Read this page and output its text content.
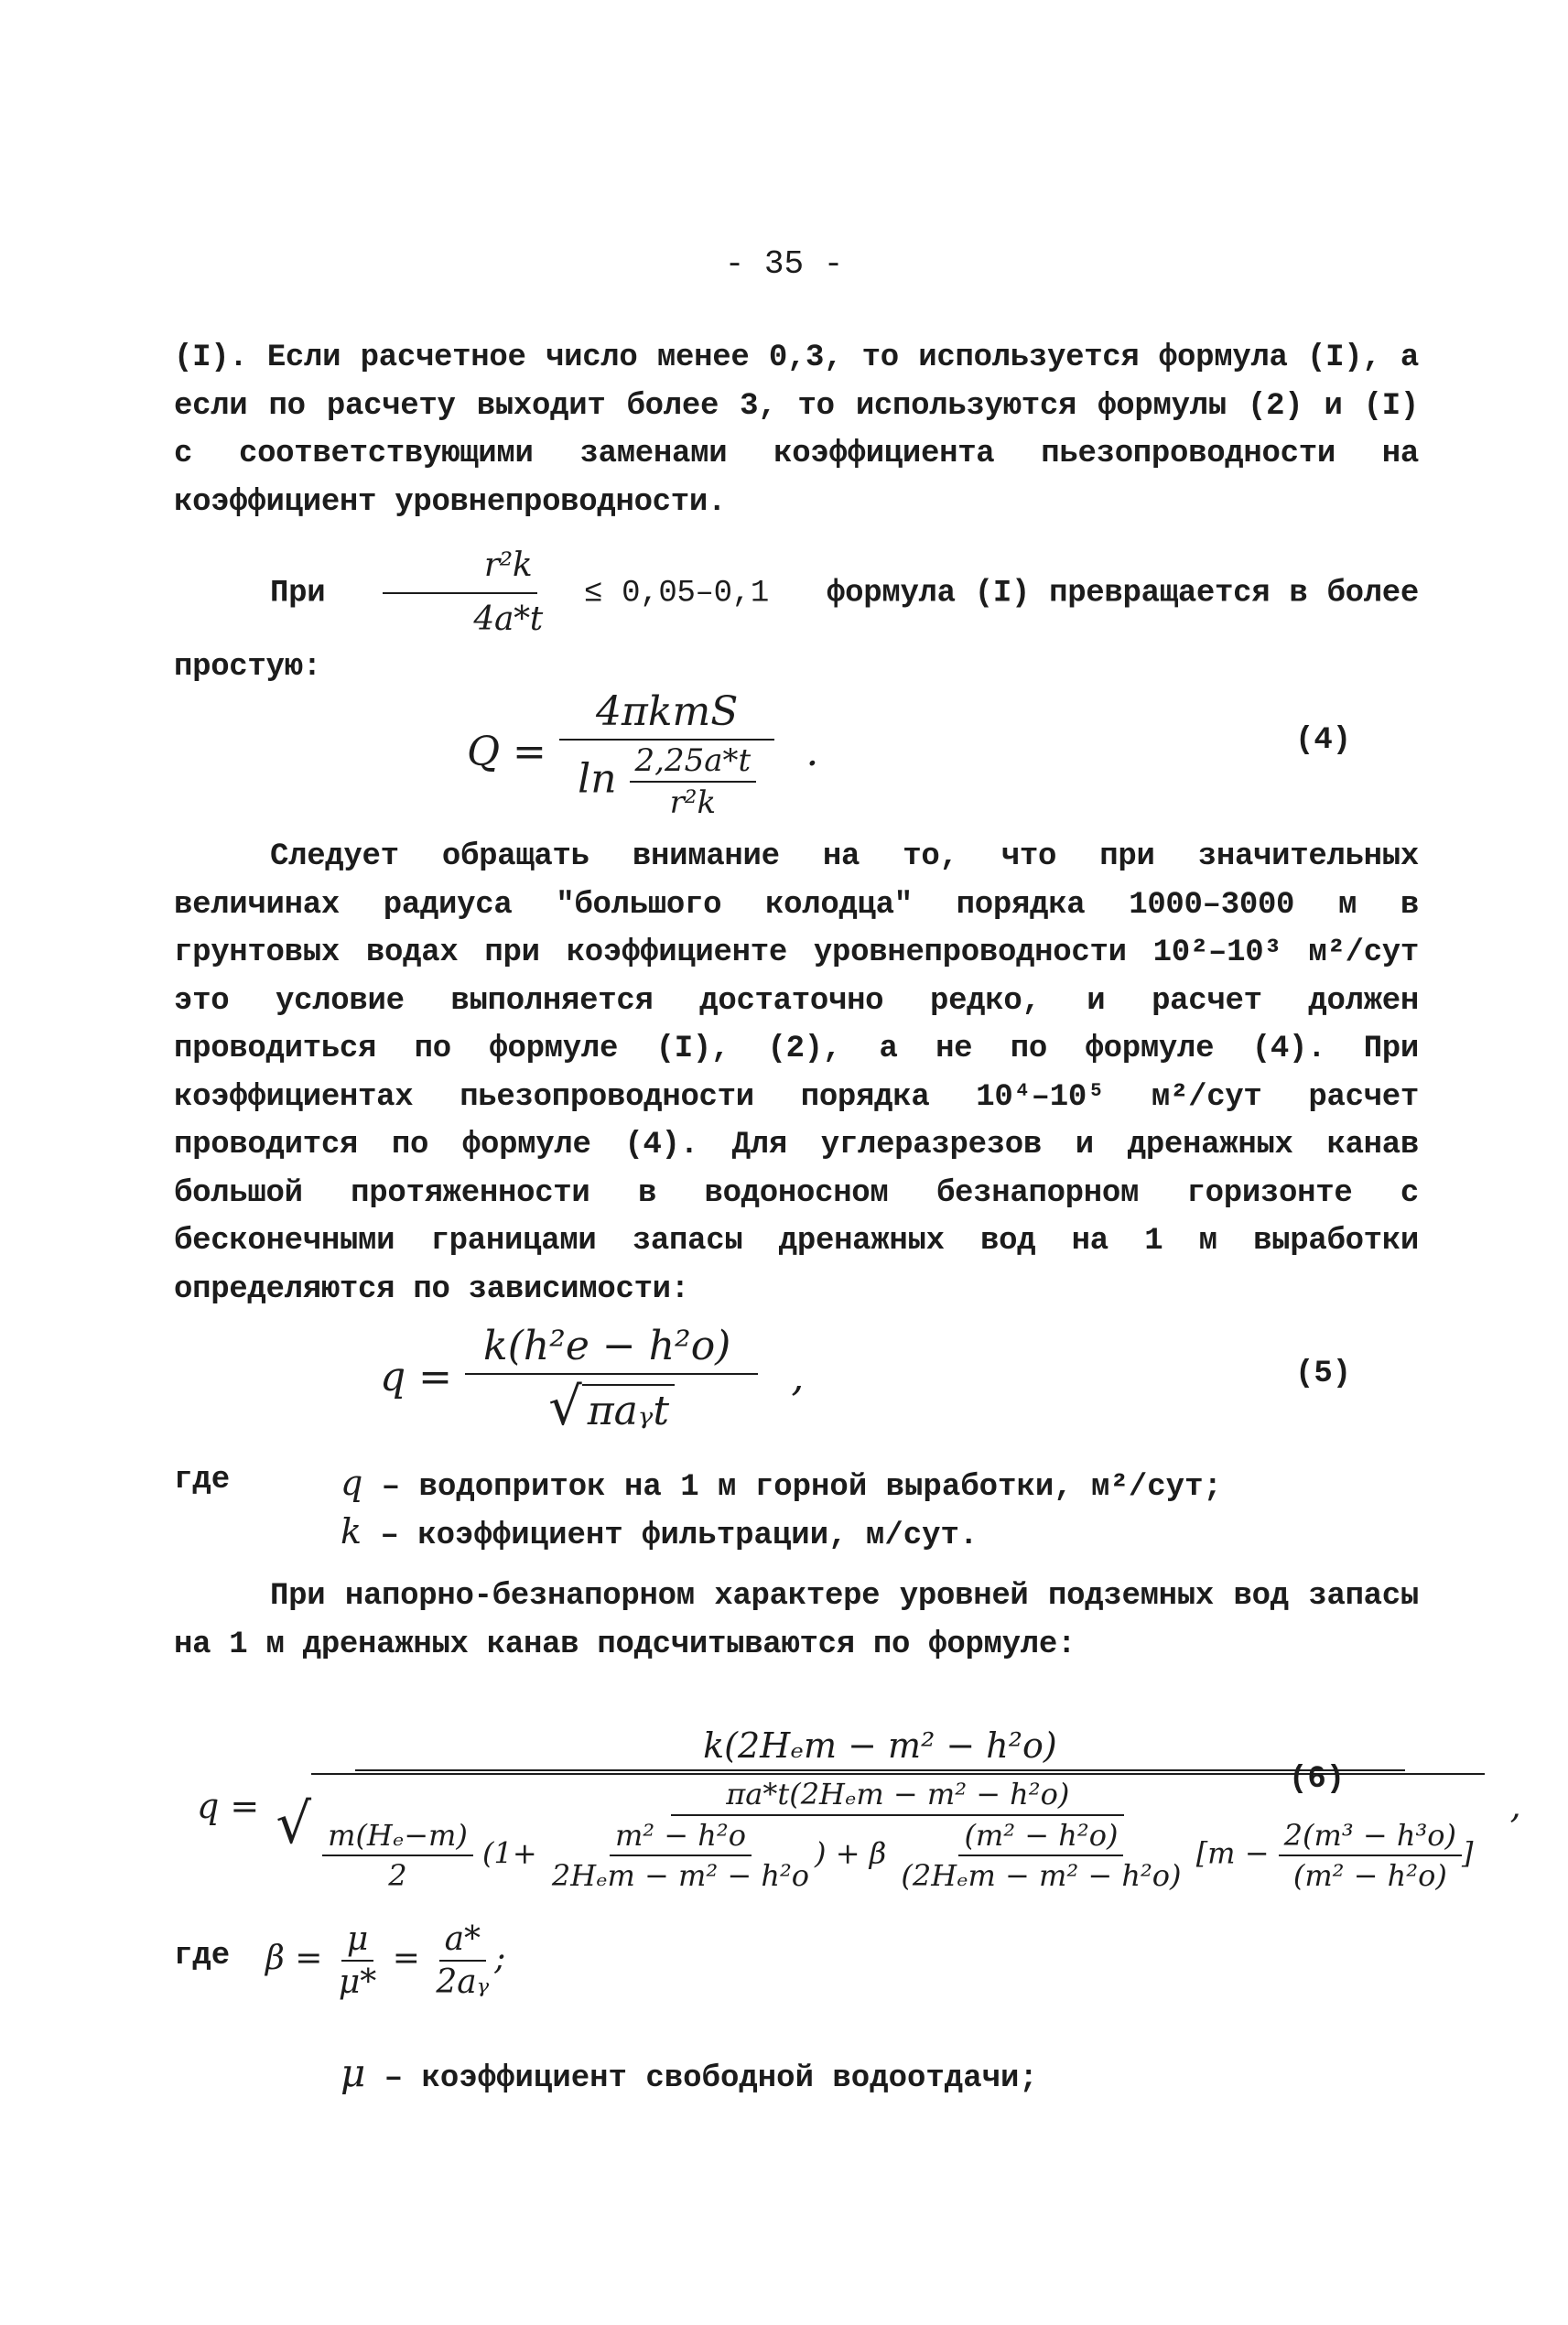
- 35 -

(I). Если расчетное число менее 0,3, то используется формула (I), а если по расчету выходит более 3, то используются формулы (2) и (I) с соответствующими заменами коэффициента пьезопроводности на коэффициент уровнепроводности.

При $\frac{\text{r²k}}{4a*t} \le 0,05-0,1$ формула (I) превращается в более простую:
$Q = \frac{\text{4πkmS}}{\ln \frac{2,25a*t}{\text{r²k}}}$ .	(4)

Следует обращать внимание на то, что при значительных величинах радиуса "большого колодца" порядка 1000–3000 м в грунтовых водах при коэффициенте уровнепроводности 10²–10³ м²/сут это условие выполняется достаточно редко, и расчет должен проводиться по формуле (I), (2), а не по формуле (4). При коэффициентах пьезопроводности порядка 10⁴–10⁵ м²/сут расчет проводится по формуле (4). Для углеразрезов и дренажных канав большой протяженности в водоносном безнапорном горизонте с бесконечными границами запасы дренажных вод на 1 м выработки определяются по зависимости:

$q = \frac{\text{k(h²e − h²o)}}{\text{√ πaᵧt}}$ ,	(5)
где	q – водоприток на 1 м горной выработки, м²/сут;
k – коэффициент фильтрации, м/сут.

При напорно-безнапорном характере уровней подземных вод запасы на 1 м дренажных канав подсчитываются по формуле:

q =
k(2Hₑm − m² − h²o)
√	πa*t(2Hₑm − m² − h²o)
$\frac{\text{m(Hₑ−m)}}{2} (1+ \frac{\text{m² − h²o}}{\text{2Hₑm − m² − h²o}}$ ) + β $\frac{\text{(m² − h²o)}}{\text{(2Hₑm − m² − h²o)}} [m - \frac{\text{2(m³ − h³o)}}{\text{(m² − h²o)}}$ ]
,
(6)
где $\beta = \frac{\mu}{\mu*} = \frac{a*}{\text{2aᵧ}}$ ;
μ – коэффициент свободной водоотдачи;
